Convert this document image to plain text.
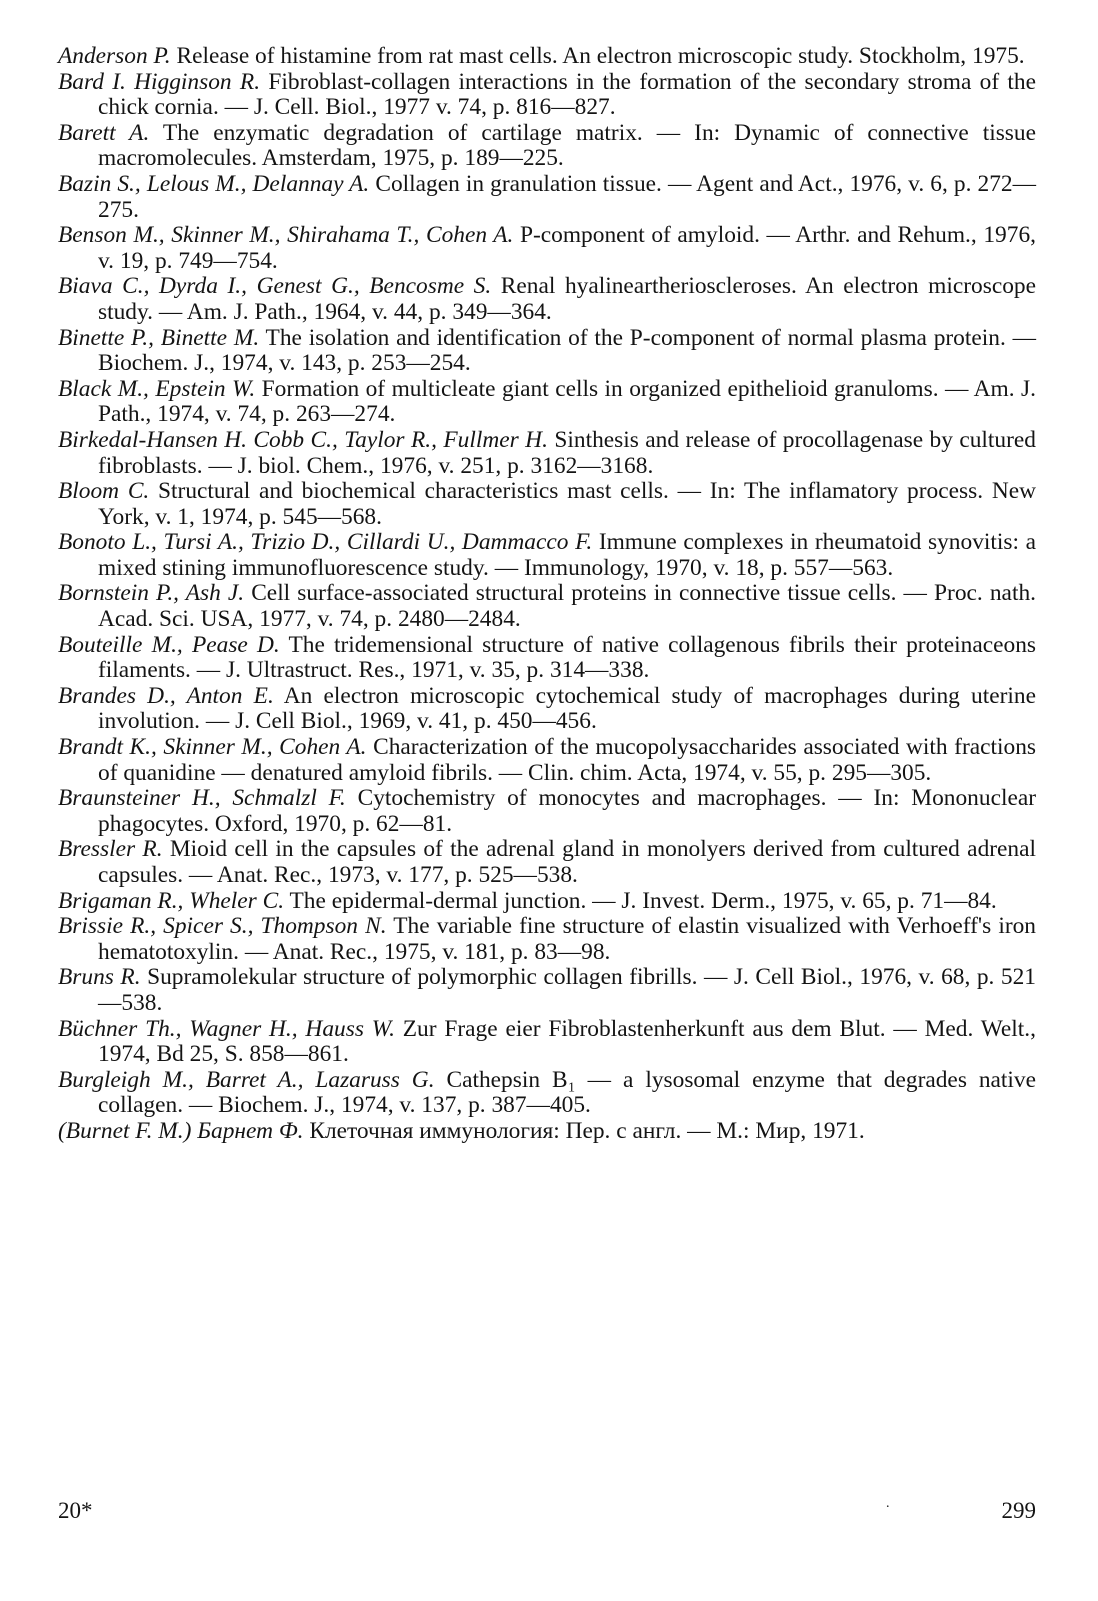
Anderson P. Release of histamine from rat mast cells. An electron microscopic study. Stockholm, 1975.
Bard I. Higginson R. Fibroblast-collagen interactions in the formation of the secondary stroma of the chick cornia. — J. Cell. Biol., 1977 v. 74, p. 816—827.
Barett A. The enzymatic degradation of cartilage matrix. — In: Dynamic of connective tissue macromolecules. Amsterdam, 1975, p. 189—225.
Bazin S., Lelous M., Delannay A. Collagen in granulation tissue. — Agent and Act., 1976, v. 6, p. 272—275.
Benson M., Skinner M., Shirahama T., Cohen A. P-component of amyloid. — Arthr. and Rehum., 1976, v. 19, p. 749—754.
Biava C., Dyrda I., Genest G., Bencosme S. Renal hyalineartherioscleroses. An electron microscope study. — Am. J. Path., 1964, v. 44, p. 349—364.
Binette P., Binette M. The isolation and identification of the P-component of normal plasma protein. — Biochem. J., 1974, v. 143, p. 253—254.
Black M., Epstein W. Formation of multicleate giant cells in organized epithelioid granuloms. — Am. J. Path., 1974, v. 74, p. 263—274.
Birkedal-Hansen H. Cobb C., Taylor R., Fullmer H. Sinthesis and release of procollagenase by cultured fibroblasts. — J. biol. Chem., 1976, v. 251, p. 3162—3168.
Bloom C. Structural and biochemical characteristics mast cells. — In: The inflamatory process. New York, v. 1, 1974, p. 545—568.
Bonoto L., Tursi A., Trizio D., Cillardi U., Dammacco F. Immune complexes in rheumatoid synovitis: a mixed stining immunofluorescence study. — Immunology, 1970, v. 18, p. 557—563.
Bornstein P., Ash J. Cell surface-associated structural proteins in connective tissue cells. — Proc. nath. Acad. Sci. USA, 1977, v. 74, p. 2480—2484.
Bouteille M., Pease D. The tridemensional structure of native collagenous fibrils their proteinaceons filaments. — J. Ultrastruct. Res., 1971, v. 35, p. 314—338.
Brandes D., Anton E. An electron microscopic cytochemical study of macrophages during uterine involution. — J. Cell Biol., 1969, v. 41, p. 450—456.
Brandt K., Skinner M., Cohen A. Characterization of the mucopolysaccharides associated with fractions of quanidine — denatured amyloid fibrils. — Clin. chim. Acta, 1974, v. 55, p. 295—305.
Braunsteiner H., Schmalzl F. Cytochemistry of monocytes and macrophages. — In: Mononuclear phagocytes. Oxford, 1970, p. 62—81.
Bressler R. Mioid cell in the capsules of the adrenal gland in monolyers derived from cultured adrenal capsules. — Anat. Rec., 1973, v. 177, p. 525—538.
Brigaman R., Wheler C. The epidermal-dermal junction. — J. Invest. Derm., 1975, v. 65, p. 71—84.
Brissie R., Spicer S., Thompson N. The variable fine structure of elastin visualized with Verhoeff's iron hematotoxylin. — Anat. Rec., 1975, v. 181, p. 83—98.
Bruns R. Supramolekular structure of polymorphic collagen fibrills. — J. Cell Biol., 1976, v. 68, p. 521—538.
Büchner Th., Wagner H., Hauss W. Zur Frage eier Fibroblastenherkunft aus dem Blut. — Med. Welt., 1974, Bd 25, S. 858—861.
Burgleigh M., Barret A., Lazaruss G. Cathepsin B₁ — a lysosomal enzyme that degrades native collagen. — Biochem. J., 1974, v. 137, p. 387—405.
(Burnet F. M.) Барнет Ф. Клеточная иммунология: Пер. с англ. — М.: Мир, 1971.
20*	.	299
